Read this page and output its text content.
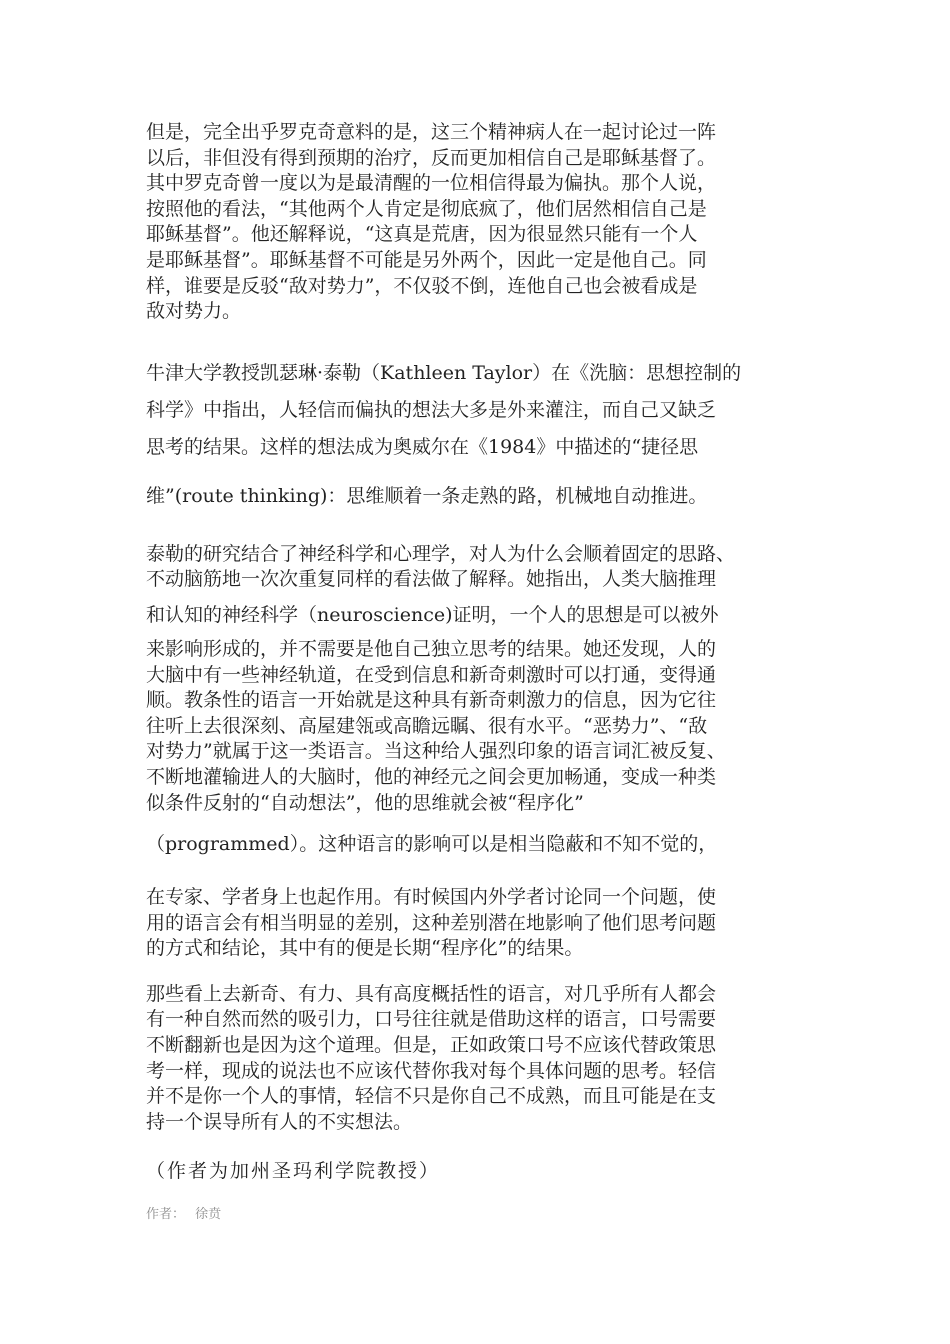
但是，完全出乎罗克奇意料的是，这三个精神病人在一起讨论过一阵
以后，非但没有得到预期的治疗，反而更加相信自己是耶稣基督了。
其中罗克奇曾一度以为是最清醒的一位相信得最为偏执。那个人说，
按照他的看法，“其他两个人肯定是彻底疯了，他们居然相信自己是
耶稣基督”。他还解释说，“这真是荒唐，因为很显然只能有一个人
是耶稣基督”。耶稣基督不可能是另外两个，因此一定是他自己。同
样，谁要是反驳“敌对势力”，不仅驳不倒，连他自己也会被看成是
敌对势力。
牛津大学教授凯瑟琳·泰勒（Kathleen Taylor）在《洗脑：思想控制的
科学》中指出，人轻信而偏执的想法大多是外来灌注，而自己又缺乏
思考的结果。这样的想法成为奥威尔在《1984》中描述的“捷径思
维”(route thinking)：思维顺着一条走熟的路，机械地自动推进。
泰勒的研究结合了神经科学和心理学，对人为什么会顺着固定的思路、
不动脑筋地一次次重复同样的看法做了解释。她指出，人类大脑推理
和认知的神经科学（neuroscience)证明，一个人的思想是可以被外
来影响形成的，并不需要是他自己独立思考的结果。她还发现，人的
大脑中有一些神经轨道，在受到信息和新奇刺激时可以打通，变得通
顺。教条性的语言一开始就是这种具有新奇刺激力的信息，因为它往
往听上去很深刻、高屋建瓴或高瞻远瞩、很有水平。“恶势力”、“敌
对势力”就属于这一类语言。当这种给人强烈印象的语言词汇被反复、
不断地灌输进人的大脑时，他的神经元之间会更加畅通，变成一种类
似条件反射的“自动想法”，他的思维就会被“程序化”
（programmed）。这种语言的影响可以是相当隐蔽和不知不觉的，
在专家、学者身上也起作用。有时候国内外学者讨论同一个问题，使
用的语言会有相当明显的差别，这种差别潜在地影响了他们思考问题
的方式和结论，其中有的便是长期“程序化”的结果。
那些看上去新奇、有力、具有高度概括性的语言，对几乎所有人都会
有一种自然而然的吸引力，口号往往就是借助这样的语言，口号需要
不断翻新也是因为这个道理。但是，正如政策口号不应该代替政策思
考一样，现成的说法也不应该代替你我对每个具体问题的思考。轻信
并不是你一个人的事情，轻信不只是你自己不成熟，而且可能是在支
持一个误导所有人的不实想法。
（作者为加州圣玛利学院教授）
作者： 徐贲
